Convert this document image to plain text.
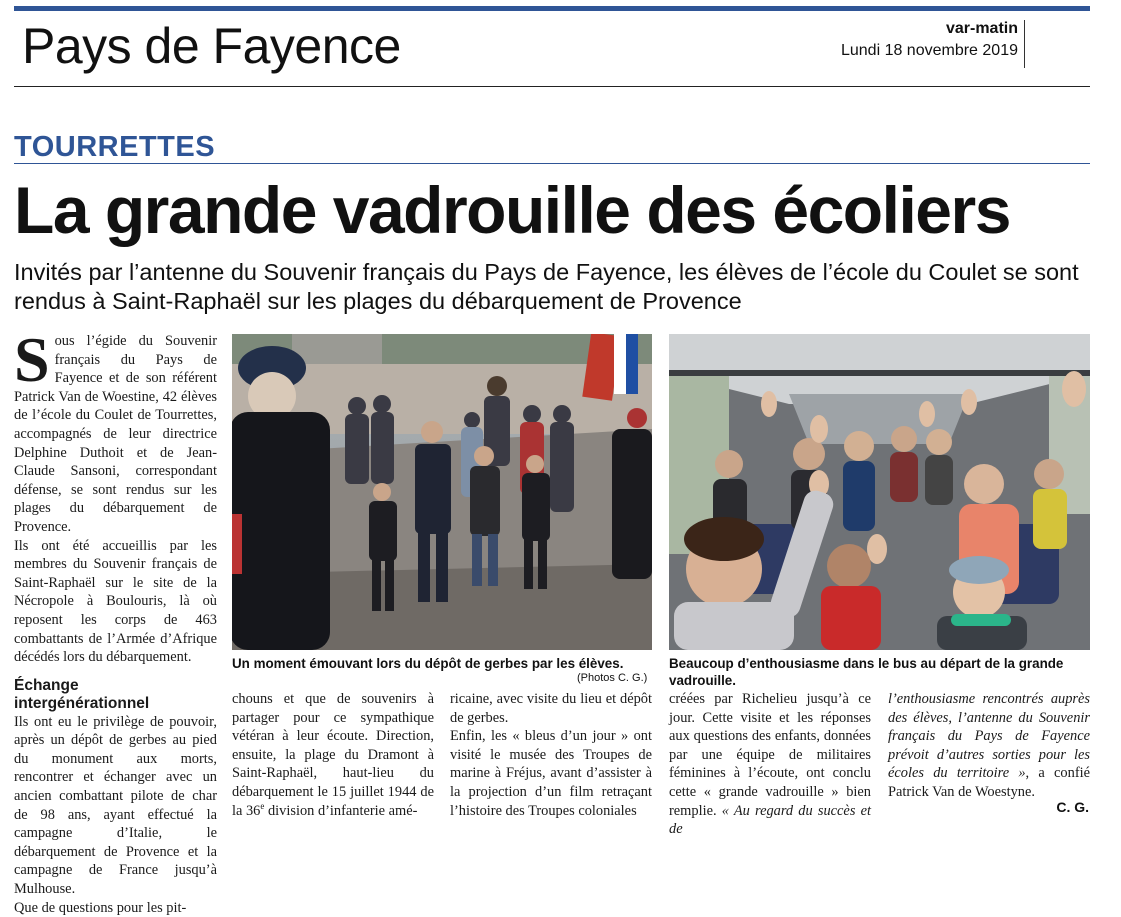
Pays de Fayence	var-matin
Lundi 18 novembre 2019
TOURRETTES
La grande vadrouille des écoliers
Invités par l’antenne du Souvenir français du Pays de Fayence, les élèves de l’école du Coulet se sont rendus à Saint-Raphaël sur les plages du débarquement de Provence

Sous l’égide du Souvenir français du Pays de Fayence et de son référent Patrick Van de Woestine, 42 élèves de l’école du Coulet de Tourrettes, accompagnés de leur directrice Delphine Duthoit et de Jean-Claude Sansoni, correspondant défense, se sont rendus sur les plages du débarquement de Provence.

Ils ont été accueillis par les membres du Souvenir français de Saint-Raphaël sur le site de la Nécropole à Boulouris, là où reposent les corps de 463 combattants de l’Armée d’Afrique décédés lors du débarquement.

Échange intergénérationnel

Ils ont eu le privilège de pouvoir, après un dépôt de gerbes au pied du monument aux morts, rencontrer et échanger avec un ancien combattant pilote de char de 98 ans, ayant effectué la campagne d’Italie, le débarquement de Provence et la campagne de France jusqu’à Mulhouse.

Que de questions pour les pit-

Un moment émouvant lors du dépôt de gerbes par les élèves.
(Photos C. G.)
Beaucoup d’enthousiasme dans le bus au départ de la grande vadrouille.

chouns et que de souvenirs à partager pour ce sympathique vétéran à leur écoute. Direction, ensuite, la plage du Dramont à Saint-Raphaël, haut-lieu du débarquement le 15 juillet 1944 de la 36e division d’infanterie amé-

ricaine, avec visite du lieu et dépôt de gerbes.

Enfin, les « bleus d’un jour » ont visité le musée des Troupes de marine à Fréjus, avant d’assister à la projection d’un film retraçant l’histoire des Troupes coloniales

créées par Richelieu jusqu’à ce jour. Cette visite et les réponses aux questions des enfants, données par une équipe de militaires féminines à l’écoute, ont conclu cette « grande vadrouille » bien remplie. « Au regard du succès et de

l’enthousiasme rencontrés auprès des élèves, l’antenne du Souvenir français du Pays de Fayence prévoit d’autres sorties pour les écoles du territoire », a confié Patrick Van de Woestyne.

C. G.
